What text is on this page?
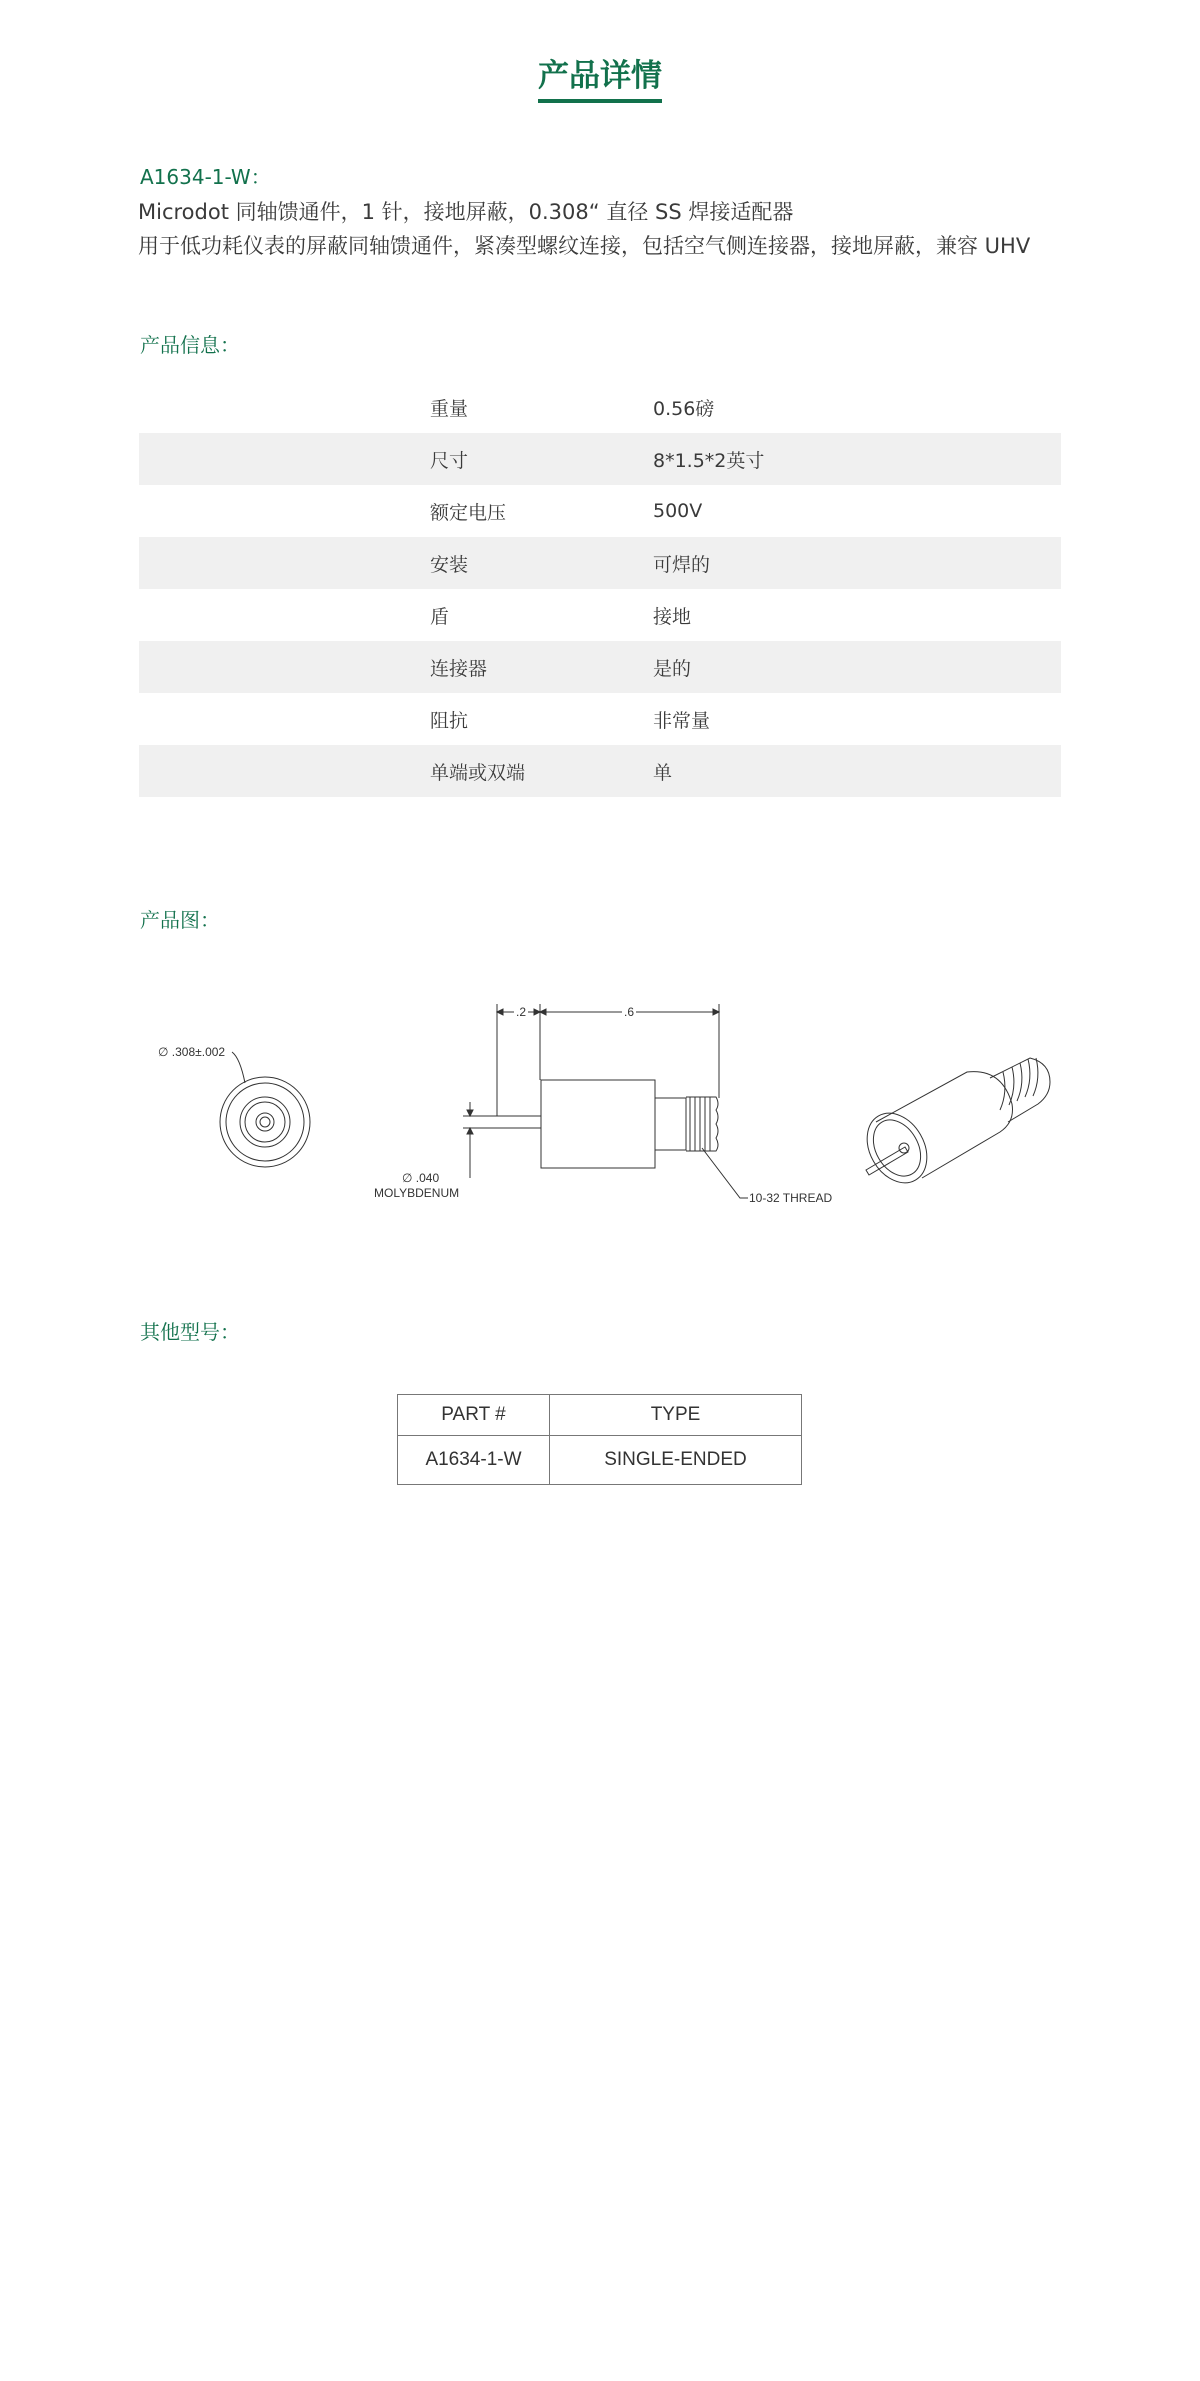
产品详情
A1634-1-W：
Microdot 同轴馈通件，1 针，接地屏蔽，0.308“ 直径 SS 焊接适配器
用于低功耗仪表的屏蔽同轴馈通件，紧凑型螺纹连接，包括空气侧连接器，接地屏蔽，兼容 UHV
产品信息：
重量	0.56磅
尺寸	8*1.5*2英寸
额定电压	500V
安装	可焊的
盾	接地
连接器	是的
阻抗	非常量
单端或双端	单
产品图：
∅ .308±.002
.2	.6
10-32 THREAD
∅ .040
MOLYBDENUM
其他型号：
PART #	TYPE
A1634-1-W	SINGLE-ENDED
